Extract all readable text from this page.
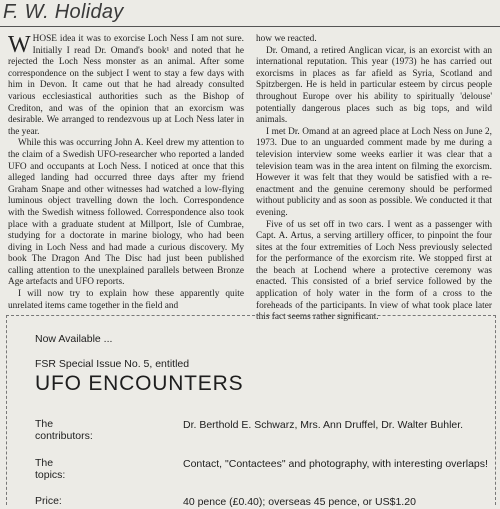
F. W. Holiday

WHOSE idea it was to exorcise Loch Ness I am not sure. Initially I read Dr. Omand's book¹ and noted that he rejected the Loch Ness monster as an animal. After some correspondence on the subject I went to stay a few days with him in Devon. It came out that he had already consulted various ecclesiastical authorities such as the Bishop of Crediton, and was of the opinion that an exorcism was desirable. We arranged to rendezvous up at Loch Ness later in the year.

While this was occurring John A. Keel drew my attention to the claim of a Swedish UFO-researcher who reported a landed UFO and occupants at Loch Ness. I noticed at once that this alleged landing had occurred three days after my friend Graham Snape and other witnesses had watched a low-flying luminous object travelling down the loch. Correspondence with the Swedish witness followed. Correspondence also took place with a graduate student at Millport, Isle of Cumbrae, studying for a doctorate in marine biology, who had been diving in Loch Ness and had made a curious discovery. My book The Dragon And The Disc had just been published calling attention to the unexplained parallels between Bronze Age artefacts and UFO reports.

I will now try to explain how these apparently quite unrelated items came together in the field and

how we reacted.

Dr. Omand, a retired Anglican vicar, is an exorcist with an international reputation. This year (1973) he has carried out exorcisms in places as far afield as Syria, Scotland and Spitzbergen. He is held in particular esteem by circus people throughout Europe over his ability to spiritually 'delouse' potentially dangerous places such as big tops, and wild animals.

I met Dr. Omand at an agreed place at Loch Ness on June 2, 1973. Due to an unguarded comment made by me during a television interview some weeks earlier it was clear that a television team was in the area intent on filming the exorcism. However it was felt that they would be satisfied with a re-enactment and the genuine ceremony should be performed without publicity and as soon as possible. We conducted it that evening.

Five of us set off in two cars. I went as a passenger with Capt. A. Artus, a serving artillery officer, to pinpoint the four sites at the four extremities of Loch Ness previously selected for the performance of the exorcism rite. We stopped first at the beach at Lochend where a protective ceremony was enacted. This consisted of a brief service followed by the application of holy water in the form of a cross to the foreheads of the participants. In view of what took place later this fact seems rather significant.

Now Available ...
FSR Special Issue No. 5, entitled
UFO ENCOUNTERS
The contributors:
Dr. Berthold E. Schwarz, Mrs. Ann Druffel, Dr. Walter Buhler.
The topics:
Contact, "Contactees" and photography, with interesting overlaps!
Price:	40 pence (£0.40); overseas 45 pence, or US$1.20
